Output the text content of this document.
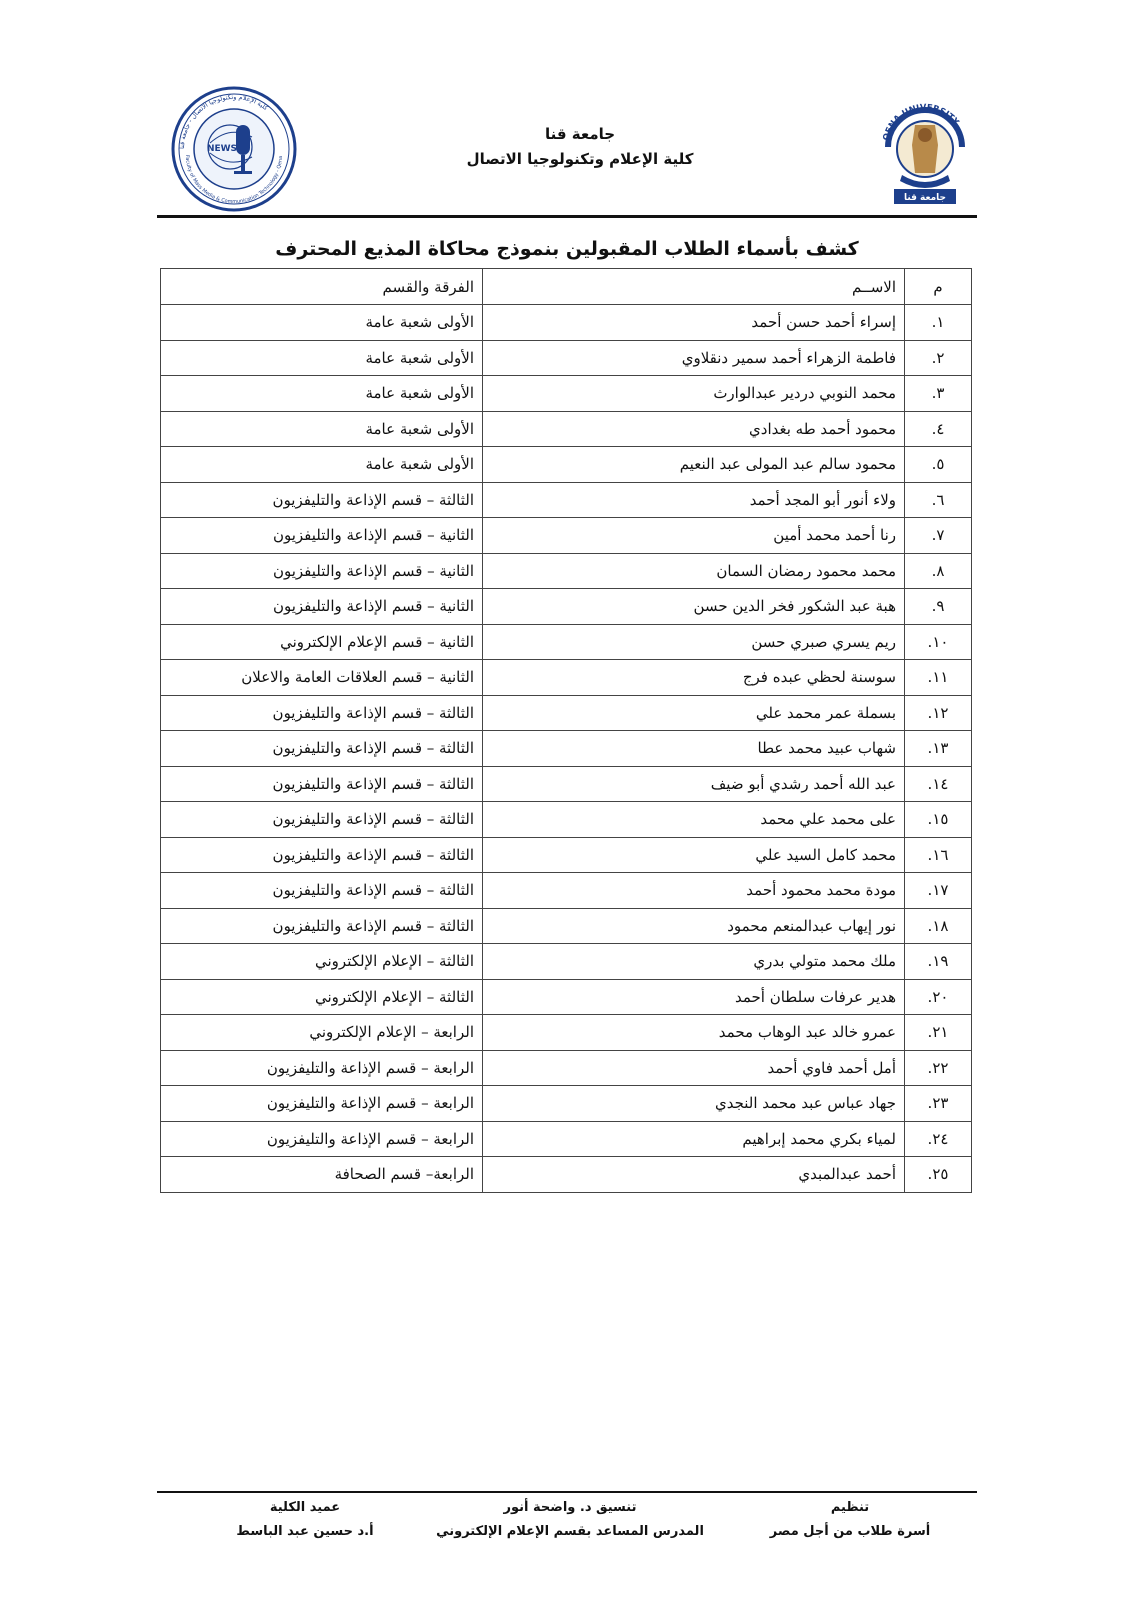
كلية الإعلام وتكنولوجيا الاتصال - جامعة قنا
Faculty of Mass Media & Communication Technology - Qena
NEWS
QENA UNIVERSITY
جامعة قنا
جامعة قنا
كلية الإعلام وتكنولوجيا الاتصال
كشف بأسماء الطلاب المقبولين بنموذج محاكاة المذيع المحترف
م	الاســم	الفرقة والقسم
١.	إسراء أحمد حسن أحمد	الأولى شعبة عامة
٢.	فاطمة الزهراء أحمد سمير دنقلاوي	الأولى شعبة عامة
٣.	محمد النوبي دردير عبدالوارث	الأولى شعبة عامة
٤.	محمود أحمد طه بغدادي	الأولى شعبة عامة
٥.	محمود سالم عبد المولى عبد النعيم	الأولى شعبة عامة
٦.	ولاء أنور أبو المجد أحمد	الثالثة – قسم الإذاعة والتليفزيون
٧.	رنا أحمد محمد أمين	الثانية – قسم الإذاعة والتليفزيون
٨.	محمد محمود رمضان السمان	الثانية – قسم الإذاعة والتليفزيون
٩.	هبة عبد الشكور فخر الدين حسن	الثانية – قسم الإذاعة والتليفزيون
١٠.	ريم يسري صبري حسن	الثانية – قسم الإعلام الإلكتروني
١١.	سوسنة لحظي عبده فرج	الثانية – قسم العلاقات العامة والاعلان
١٢.	بسملة عمر محمد علي	الثالثة – قسم الإذاعة والتليفزيون
١٣.	شهاب عبيد محمد عطا	الثالثة – قسم الإذاعة والتليفزيون
١٤.	عبد الله أحمد رشدي أبو ضيف	الثالثة – قسم الإذاعة والتليفزيون
١٥.	على محمد علي محمد	الثالثة – قسم الإذاعة والتليفزيون
١٦.	محمد كامل السيد علي	الثالثة – قسم الإذاعة والتليفزيون
١٧.	مودة محمد محمود أحمد	الثالثة – قسم الإذاعة والتليفزيون
١٨.	نور إيهاب عبدالمنعم محمود	الثالثة – قسم الإذاعة والتليفزيون
١٩.	ملك محمد متولي بدري	الثالثة – الإعلام الإلكتروني
٢٠.	هدير عرفات سلطان أحمد	الثالثة – الإعلام الإلكتروني
٢١.	عمرو خالد عبد الوهاب محمد	الرابعة – الإعلام الإلكتروني
٢٢.	أمل أحمد فاوي أحمد	الرابعة – قسم الإذاعة والتليفزيون
٢٣.	جهاد عباس عبد محمد النجدي	الرابعة – قسم الإذاعة والتليفزيون
٢٤.	لمياء بكري محمد إبراهيم	الرابعة – قسم الإذاعة والتليفزيون
٢٥.	أحمد عبدالمبدي	الرابعة– قسم الصحافة
تنظيم
أسرة طلاب من أجل مصر
تنسيق د. واضحة أنور
المدرس المساعد بقسم الإعلام الإلكتروني
عميد الكلية
أ.د حسين عبد الباسط
